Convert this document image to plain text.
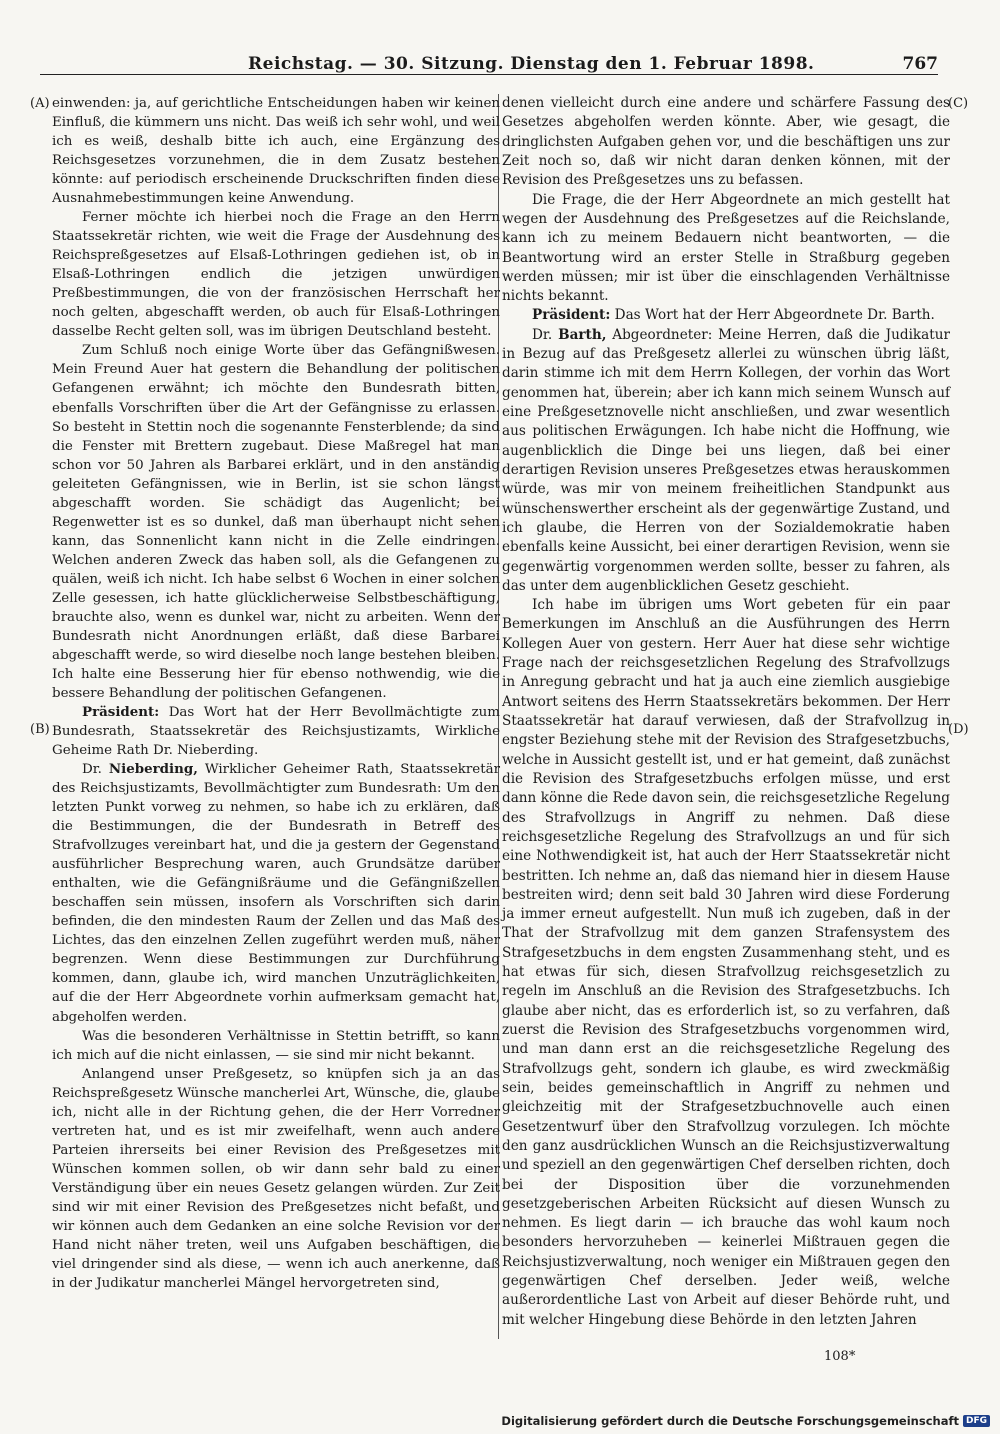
Reichstag. — 30. Sitzung. Dienstag den 1. Februar 1898.	767
(A)
(B)
(C)
(D)

einwenden: ja, auf gerichtliche Entscheidungen haben wir keinen Einfluß, die kümmern uns nicht. Das weiß ich sehr wohl, und weil ich es weiß, deshalb bitte ich auch, eine Ergänzung des Reichsgesetzes vorzunehmen, die in dem Zusatz bestehen könnte: auf periodisch erscheinende Druckschriften finden diese Ausnahmebestimmungen keine Anwendung.

Ferner möchte ich hierbei noch die Frage an den Herrn Staatssekretär richten, wie weit die Frage der Ausdehnung des Reichspreßgesetzes auf Elsaß-Lothringen gediehen ist, ob in Elsaß-Lothringen endlich die jetzigen unwürdigen Preßbestimmungen, die von der französischen Herrschaft her noch gelten, abgeschafft werden, ob auch für Elsaß-Lothringen dasselbe Recht gelten soll, was im übrigen Deutschland besteht.

Zum Schluß noch einige Worte über das Gefängnißwesen. Mein Freund Auer hat gestern die Behandlung der politischen Gefangenen erwähnt; ich möchte den Bundesrath bitten, ebenfalls Vorschriften über die Art der Gefängnisse zu erlassen. So besteht in Stettin noch die sogenannte Fensterblende; da sind die Fenster mit Brettern zugebaut. Diese Maßregel hat man schon vor 50 Jahren als Barbarei erklärt, und in den anständig geleiteten Gefängnissen, wie in Berlin, ist sie schon längst abgeschafft worden. Sie schädigt das Augenlicht; bei Regenwetter ist es so dunkel, daß man überhaupt nicht sehen kann, das Sonnenlicht kann nicht in die Zelle eindringen. Welchen anderen Zweck das haben soll, als die Gefangenen zu quälen, weiß ich nicht. Ich habe selbst 6 Wochen in einer solchen Zelle gesessen, ich hatte glücklicherweise Selbstbeschäftigung, brauchte also, wenn es dunkel war, nicht zu arbeiten. Wenn der Bundesrath nicht Anordnungen erläßt, daß diese Barbarei abgeschafft werde, so wird dieselbe noch lange bestehen bleiben. Ich halte eine Besserung hier für ebenso nothwendig, wie die bessere Behandlung der politischen Gefangenen.

Präsident: Das Wort hat der Herr Bevollmächtigte zum Bundesrath, Staatssekretär des Reichsjustizamts, Wirkliche Geheime Rath Dr. Nieberding.

Dr. Nieberding, Wirklicher Geheimer Rath, Staatssekretär des Reichsjustizamts, Bevollmächtigter zum Bundesrath: Um den letzten Punkt vorweg zu nehmen, so habe ich zu erklären, daß die Bestimmungen, die der Bundesrath in Betreff des Strafvollzuges vereinbart hat, und die ja gestern der Gegenstand ausführlicher Besprechung waren, auch Grundsätze darüber enthalten, wie die Gefängnißräume und die Gefängnißzellen beschaffen sein müssen, insofern als Vorschriften sich darin befinden, die den mindesten Raum der Zellen und das Maß des Lichtes, das den einzelnen Zellen zugeführt werden muß, näher begrenzen. Wenn diese Bestimmungen zur Durchführung kommen, dann, glaube ich, wird manchen Unzuträglichkeiten, auf die der Herr Abgeordnete vorhin aufmerksam gemacht hat, abgeholfen werden.

Was die besonderen Verhältnisse in Stettin betrifft, so kann ich mich auf die nicht einlassen, — sie sind mir nicht bekannt.

Anlangend unser Preßgesetz, so knüpfen sich ja an das Reichspreßgesetz Wünsche mancherlei Art, Wünsche, die, glaube ich, nicht alle in der Richtung gehen, die der Herr Vorredner vertreten hat, und es ist mir zweifelhaft, wenn auch andere Parteien ihrerseits bei einer Revision des Preßgesetzes mit Wünschen kommen sollen, ob wir dann sehr bald zu einer Verständigung über ein neues Gesetz gelangen würden. Zur Zeit sind wir mit einer Revision des Preßgesetzes nicht befaßt, und wir können auch dem Gedanken an eine solche Revision vor der Hand nicht näher treten, weil uns Aufgaben beschäftigen, die viel dringender sind als diese, — wenn ich auch anerkenne, daß in der Judikatur mancherlei Mängel hervorgetreten sind,

denen vielleicht durch eine andere und schärfere Fassung des Gesetzes abgeholfen werden könnte. Aber, wie gesagt, die dringlichsten Aufgaben gehen vor, und die beschäftigen uns zur Zeit noch so, daß wir nicht daran denken können, mit der Revision des Preßgesetzes uns zu befassen.

Die Frage, die der Herr Abgeordnete an mich gestellt hat wegen der Ausdehnung des Preßgesetzes auf die Reichslande, kann ich zu meinem Bedauern nicht beantworten, — die Beantwortung wird an erster Stelle in Straßburg gegeben werden müssen; mir ist über die einschlagenden Verhältnisse nichts bekannt.

Präsident: Das Wort hat der Herr Abgeordnete Dr. Barth.

Dr. Barth, Abgeordneter: Meine Herren, daß die Judikatur in Bezug auf das Preßgesetz allerlei zu wünschen übrig läßt, darin stimme ich mit dem Herrn Kollegen, der vorhin das Wort genommen hat, überein; aber ich kann mich seinem Wunsch auf eine Preßgesetznovelle nicht anschließen, und zwar wesentlich aus politischen Erwägungen. Ich habe nicht die Hoffnung, wie augenblicklich die Dinge bei uns liegen, daß bei einer derartigen Revision unseres Preßgesetzes etwas herauskommen würde, was mir von meinem freiheitlichen Standpunkt aus wünschenswerther erscheint als der gegenwärtige Zustand, und ich glaube, die Herren von der Sozialdemokratie haben ebenfalls keine Aussicht, bei einer derartigen Revision, wenn sie gegenwärtig vorgenommen werden sollte, besser zu fahren, als das unter dem augenblicklichen Gesetz geschieht.

Ich habe im übrigen ums Wort gebeten für ein paar Bemerkungen im Anschluß an die Ausführungen des Herrn Kollegen Auer von gestern. Herr Auer hat diese sehr wichtige Frage nach der reichsgesetzlichen Regelung des Strafvollzugs in Anregung gebracht und hat ja auch eine ziemlich ausgiebige Antwort seitens des Herrn Staatssekretärs bekommen. Der Herr Staatssekretär hat darauf verwiesen, daß der Strafvollzug in engster Beziehung stehe mit der Revision des Strafgesetzbuchs, welche in Aussicht gestellt ist, und er hat gemeint, daß zunächst die Revision des Strafgesetzbuchs erfolgen müsse, und erst dann könne die Rede davon sein, die reichsgesetzliche Regelung des Strafvollzugs in Angriff zu nehmen. Daß diese reichsgesetzliche Regelung des Strafvollzugs an und für sich eine Nothwendigkeit ist, hat auch der Herr Staatssekretär nicht bestritten. Ich nehme an, daß das niemand hier in diesem Hause bestreiten wird; denn seit bald 30 Jahren wird diese Forderung ja immer erneut aufgestellt. Nun muß ich zugeben, daß in der That der Strafvollzug mit dem ganzen Strafensystem des Strafgesetzbuchs in dem engsten Zusammenhang steht, und es hat etwas für sich, diesen Strafvollzug reichsgesetzlich zu regeln im Anschluß an die Revision des Strafgesetzbuchs. Ich glaube aber nicht, das es erforderlich ist, so zu verfahren, daß zuerst die Revision des Strafgesetzbuchs vorgenommen wird, und man dann erst an die reichsgesetzliche Regelung des Strafvollzugs geht, sondern ich glaube, es wird zweckmäßig sein, beides gemeinschaftlich in Angriff zu nehmen und gleichzeitig mit der Strafgesetzbuchnovelle auch einen Gesetzentwurf über den Strafvollzug vorzulegen. Ich möchte den ganz ausdrücklichen Wunsch an die Reichsjustizverwaltung und speziell an den gegenwärtigen Chef derselben richten, doch bei der Disposition über die vorzunehmenden gesetzgeberischen Arbeiten Rücksicht auf diesen Wunsch zu nehmen. Es liegt darin — ich brauche das wohl kaum noch besonders hervorzuheben — keinerlei Mißtrauen gegen die Reichsjustizverwaltung, noch weniger ein Mißtrauen gegen den gegenwärtigen Chef derselben. Jeder weiß, welche außerordentliche Last von Arbeit auf dieser Behörde ruht, und mit welcher Hingebung diese Behörde in den letzten Jahren

108*
Digitalisierung gefördert durch die Deutsche Forschungsgemeinschaft DFG
